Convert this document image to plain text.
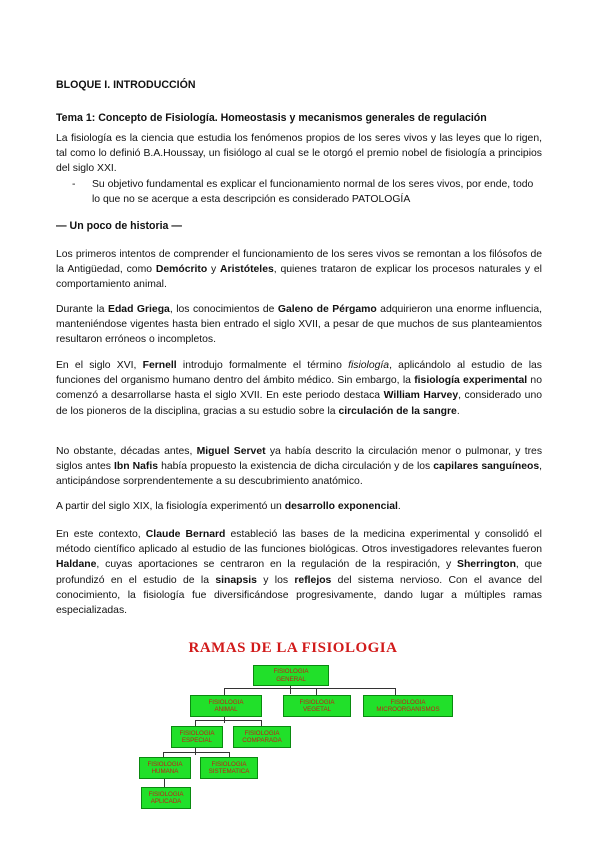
BLOQUE I. INTRODUCCIÓN
Tema 1: Concepto de Fisiología. Homeostasis y mecanismos generales de regulación

La fisiología es la ciencia que estudia los fenómenos propios de los seres vivos y las leyes que lo rigen, tal como lo definió B.A.Houssay, un fisiólogo al cual se le otorgó el premio nobel de fisiología a principios del siglo XXI.

- Su objetivo fundamental es explicar el funcionamiento normal de los seres vivos, por ende, todo lo que no se acerque a esta descripción es considerado PATOLOGÍA
— Un poco de historia —

Los primeros intentos de comprender el funcionamiento de los seres vivos se remontan a los filósofos de la Antigüedad, como Demócrito y Aristóteles, quienes trataron de explicar los procesos naturales y el comportamiento animal.

Durante la Edad Griega, los conocimientos de Galeno de Pérgamo adquirieron una enorme influencia, manteniéndose vigentes hasta bien entrado el siglo XVII, a pesar de que muchos de sus planteamientos resultaron erróneos o incompletos.

En el siglo XVI, Fernell introdujo formalmente el término fisiología, aplicándolo al estudio de las funciones del organismo humano dentro del ámbito médico. Sin embargo, la fisiología experimental no comenzó a desarrollarse hasta el siglo XVII. En este periodo destaca William Harvey, considerado uno de los pioneros de la disciplina, gracias a su estudio sobre la circulación de la sangre.

No obstante, décadas antes, Miguel Servet ya había descrito la circulación menor o pulmonar, y tres siglos antes Ibn Nafis había propuesto la existencia de dicha circulación y de los capilares sanguíneos, anticipándose sorprendentemente a su descubrimiento anatómico.

A partir del siglo XIX, la fisiología experimentó un desarrollo exponencial.

En este contexto, Claude Bernard estableció las bases de la medicina experimental y consolidó el método científico aplicado al estudio de las funciones biológicas. Otros investigadores relevantes fueron Haldane, cuyas aportaciones se centraron en la regulación de la respiración, y Sherrington, que profundizó en el estudio de la sinapsis y los reflejos del sistema nervioso. Con el avance del conocimiento, la fisiología fue diversificándose progresivamente, dando lugar a múltiples ramas especializadas.

RAMAS DE LA FISIOLOGIA
FISIOLOGIA
GENERAL
FISIOLOGIA
ANIMAL
FISIOLOGIA
VEGETAL
FISIOLOGIA
MICROORGANISMOS
FISIOLOGIA
ESPECIAL
FISIOLOGIA
COMPARADA
FISIOLOGIA
HUMANA
FISIOLOGIA
SISTEMATICA
FISIOLOGIA
APLICADA
